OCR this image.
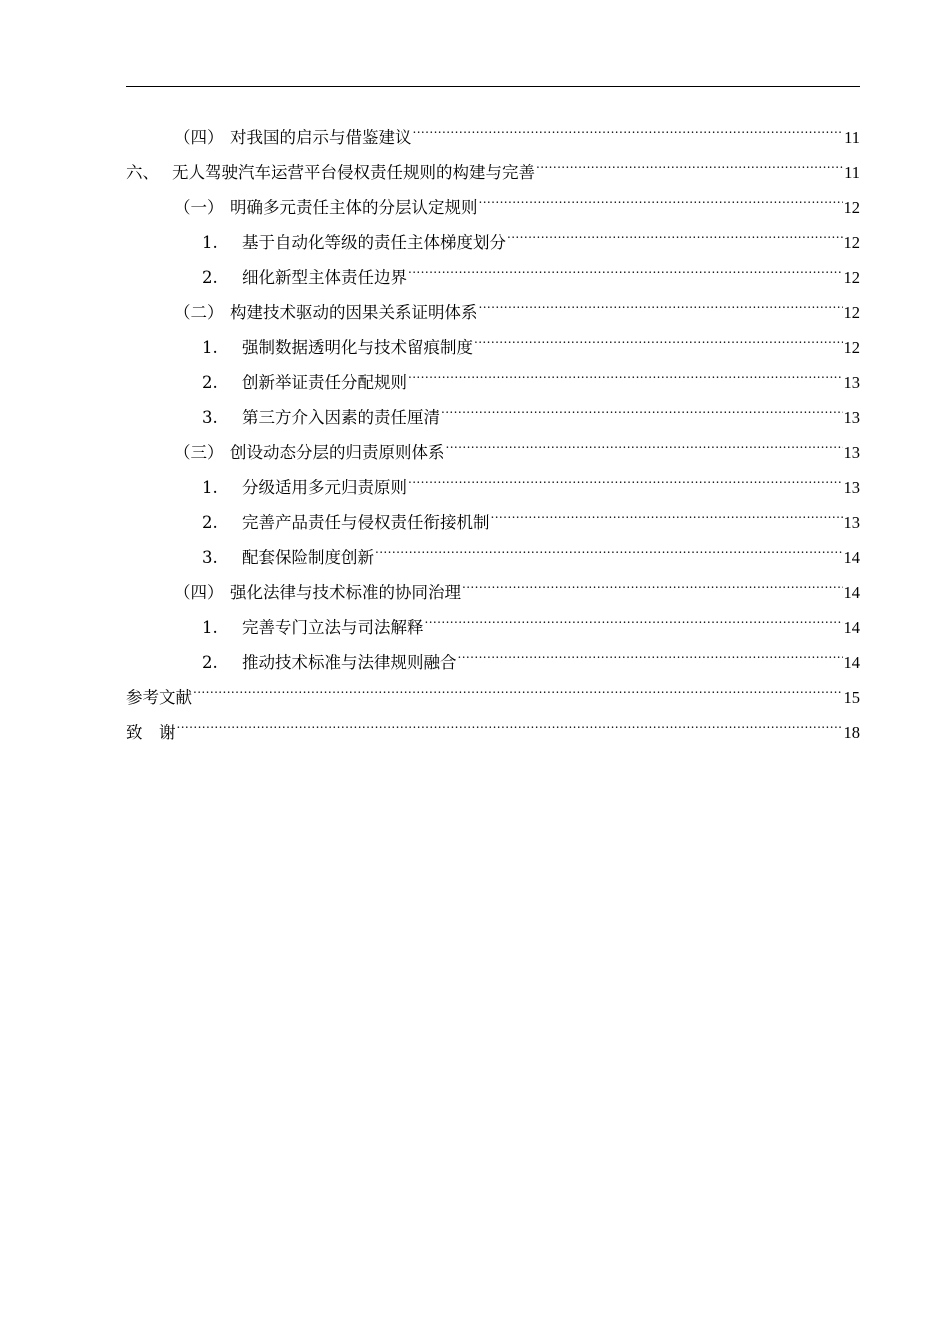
（四） 对我国的启示与借鉴建议 .....	11
六、 无人驾驶汽车运营平台侵权责任规则的构建与完善 .....	11
（一） 明确多元责任主体的分层认定规则 .....	12
1.	基于自动化等级的责任主体梯度划分 .....	12
2.	细化新型主体责任边界 .....	12
（二） 构建技术驱动的因果关系证明体系 .....	12
1.	强制数据透明化与技术留痕制度 .....	12
2.	创新举证责任分配规则 .....	13
3.	第三方介入因素的责任厘清 .....	13
（三） 创设动态分层的归责原则体系 .....	13
1.	分级适用多元归责原则 .....	13
2.	完善产品责任与侵权责任衔接机制 .....	13
3.	配套保险制度创新 .....	14
（四） 强化法律与技术标准的协同治理 .....	14
1.	完善专门立法与司法解释 .....	14
2.	推动技术标准与法律规则融合 .....	14
参考文献 .....	15
致　谢 .....	18
